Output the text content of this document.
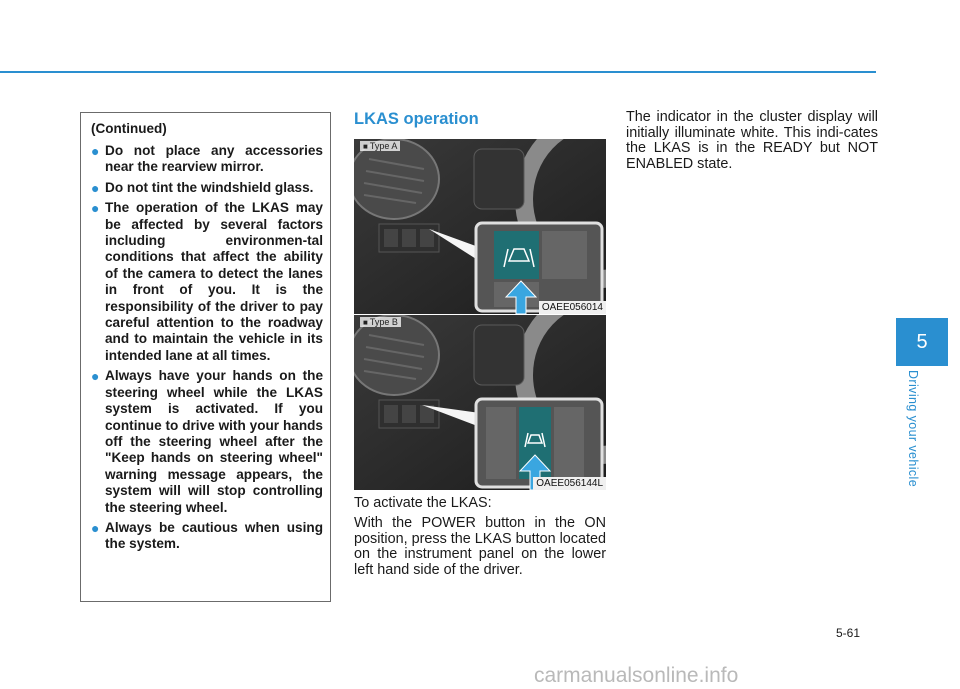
(Continued)
● Do not place any accessories near the rearview mirror.
● Do not tint the windshield glass.
● The operation of the LKAS may be affected by several factors including environmen-tal conditions that affect the ability of the camera to detect the lanes in front of you. It is the responsibility of the driver to pay careful attention to the roadway and to maintain the vehicle in its intended lane at all times.
● Always have your hands on the steering wheel while the LKAS system is activated. If you continue to drive with your hands off the steering wheel after the "Keep hands on steering wheel" warning message appears, the system will will stop controlling the steering wheel.
● Always be cautious when using the system.
LKAS operation
■ Type A
OAEE056014
■ Type B
OAEE056144L

To activate the LKAS:

With the POWER button in the ON position, press the LKAS button located on the instrument panel on the lower left hand side of the driver.

The indicator in the cluster display will initially illuminate white. This indi-cates the LKAS is in the READY but NOT ENABLED state.

5
Driving your vehicle
5-61
carmanualsonline.info
